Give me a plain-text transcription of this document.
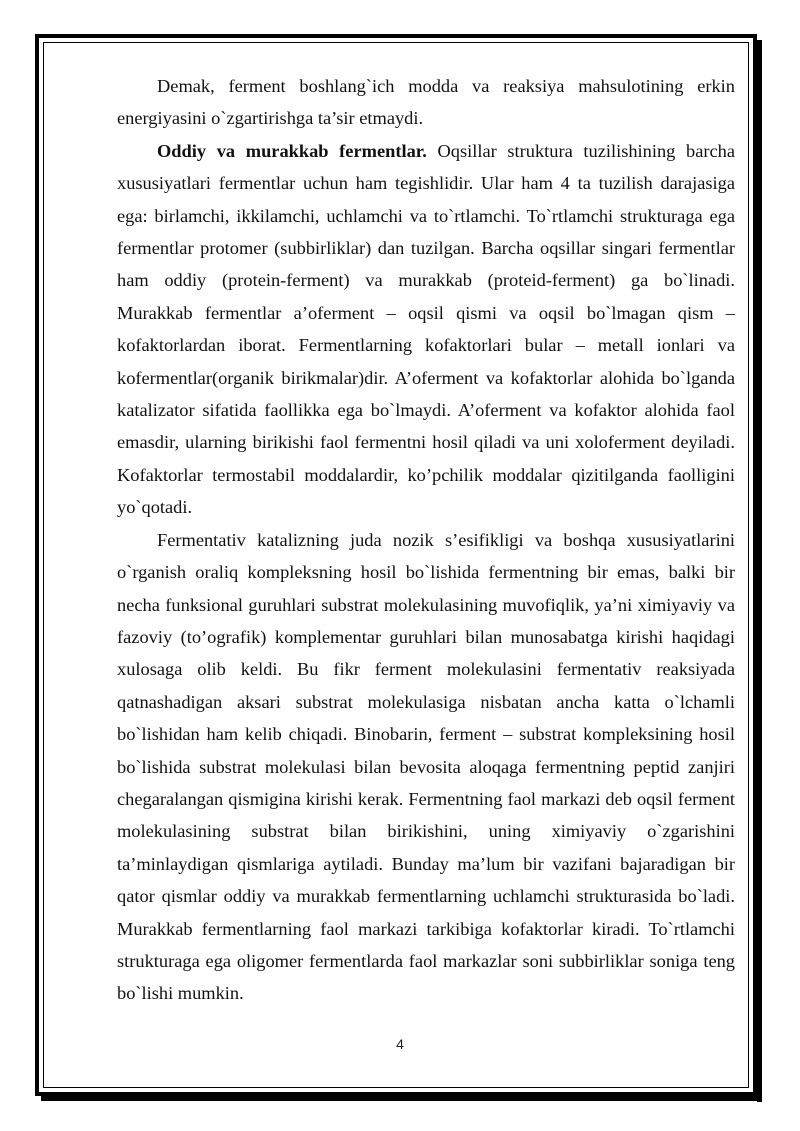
Demak, ferment boshlang`ich modda va reaksiya mahsulotining erkin energiyasini o`zgartirishga ta’sir etmaydi.

Oddiy va murakkab fermentlar. Oqsillar struktura tuzilishining barcha xususiyatlari fermentlar uchun ham tegishlidir. Ular ham 4 ta tuzilish darajasiga ega: birlamchi, ikkilamchi, uchlamchi va to`rtlamchi. To`rtlamchi strukturaga ega fermentlar protomer (subbirliklar) dan tuzilgan. Barcha oqsillar singari fermentlar ham oddiy (protein-ferment) va murakkab (proteid-ferment) ga bo`linadi. Murakkab fermentlar a’oferment – oqsil qismi va oqsil bo`lmagan qism – kofaktorlardan iborat. Fermentlarning kofaktorlari bular – metall ionlari va kofermentlar(organik birikmalar)dir. A’oferment va kofaktorlar alohida bo`lganda katalizator sifatida faollikka ega bo`lmaydi. A’oferment va kofaktor alohida faol emasdir, ularning birikishi faol fermentni hosil qiladi va uni xoloferment deyiladi. Kofaktorlar termostabil moddalardir, ko’pchilik moddalar qizitilganda faolligini yo`qotadi.

Fermentativ katalizning juda nozik s’esifikligi va boshqa xususiyatlarini o`rganish oraliq kompleksning hosil bo`lishida fermentning bir emas, balki bir necha funksional guruhlari substrat molekulasining muvofiqlik, ya’ni ximiyaviy va fazoviy (to’ografik) komplementar guruhlari bilan munosabatga kirishi haqidagi xulosaga olib keldi. Bu fikr ferment molekulasini fermentativ reaksiyada qatnashadigan aksari substrat molekulasiga nisbatan ancha katta o`lchamli bo`lishidan ham kelib chiqadi. Binobarin, ferment – substrat kompleksining hosil bo`lishida substrat molekulasi bilan bevosita aloqaga fermentning peptid zanjiri chegaralangan qismigina kirishi kerak. Fermentning faol markazi deb oqsil ferment molekulasining substrat bilan birikishini, uning ximiyaviy o`zgarishini ta’minlaydigan qismlariga aytiladi. Bunday ma’lum bir vazifani bajaradigan bir qator qismlar oddiy va murakkab fermentlarning uchlamchi strukturasida bo`ladi. Murakkab fermentlarning faol markazi tarkibiga kofaktorlar kiradi. To`rtlamchi strukturaga ega oligomer fermentlarda faol markazlar soni subbirliklar soniga teng bo`lishi mumkin.

4
